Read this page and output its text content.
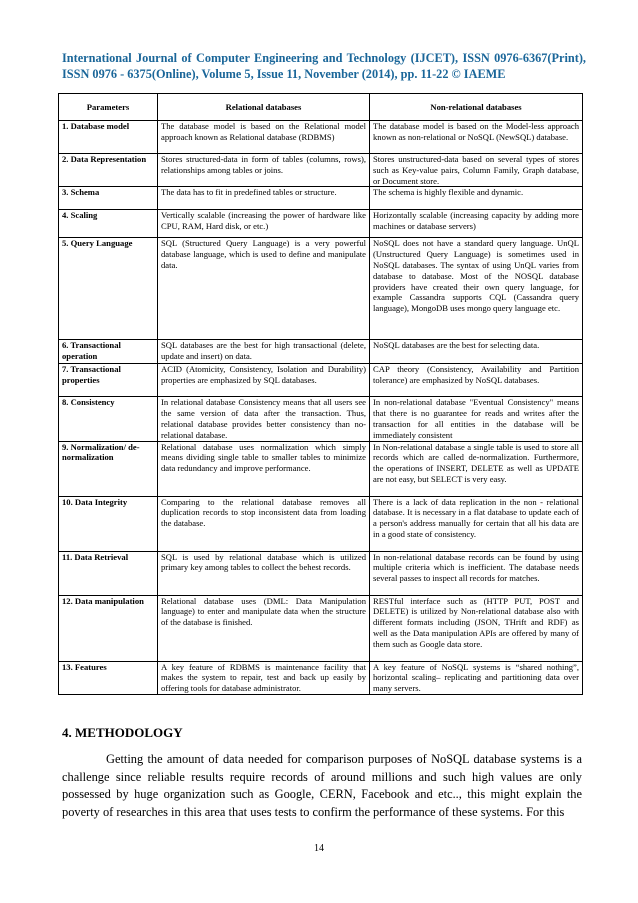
International Journal of Computer Engineering and Technology (IJCET), ISSN 0976-6367(Print), ISSN 0976 - 6375(Online), Volume 5, Issue 11, November (2014), pp. 11-22 © IAEME
Parameters	Relational databases	Non-relational databases
1. Database model	The database model is based on the Relational model approach known as Relational database (RDBMS)	The database model is based on the Model-less approach known as non-relational or NoSQL (NewSQL) database.
2. Data Representation	Stores structured-data in form of tables (columns, rows), relationships among tables or joins.	Stores unstructured-data based on several types of stores such as Key-value pairs, Column Family, Graph database, or Document store.
3. Schema	The data has to fit in predefined tables or structure.	The schema is highly flexible and dynamic.
4. Scaling	Vertically scalable (increasing the power of hardware like CPU, RAM, Hard disk, or etc.)	Horizontally scalable (increasing capacity by adding more machines or database servers)
5. Query Language	SQL (Structured Query Language) is a very powerful database language, which is used to define and manipulate data.	NoSQL does not have a standard query language. UnQL (Unstructured Query Language) is sometimes used in NoSQL databases. The syntax of using UnQL varies from database to database. Most of the NOSQL database providers have created their own query language, for example Cassandra supports CQL (Cassandra query language), MongoDB uses mongo query language etc.
6. Transactional operation	SQL databases are the best for high transactional (delete, update and insert) on data.	NoSQL databases are the best for selecting data.
7. Transactional properties	ACID (Atomicity, Consistency, Isolation and Durability) properties are emphasized by SQL databases.	CAP theory (Consistency, Availability and Partition tolerance) are emphasized by NoSQL databases.
8. Consistency	In relational database Consistency means that all users see the same version of data after the transaction. Thus, relational database provides better consistency than no-relational database.	In non-relational database "Eventual Consistency" means that there is no guarantee for reads and writes after the transaction for all entities in the database will be immediately consistent
9. Normalization/ de-normalization	Relational database uses normalization which simply means dividing single table to smaller tables to minimize data redundancy and improve performance.	In Non-relational database a single table is used to store all records which are called de-normalization. Furthermore, the operations of INSERT, DELETE as well as UPDATE are not easy, but SELECT is very easy.
10. Data Integrity	Comparing to the relational database removes all duplication records to stop inconsistent data from loading the database.	There is a lack of data replication in the non - relational database. It is necessary in a flat database to update each of a person's address manually for certain that all his data are in a good state of consistency.
11. Data Retrieval	SQL is used by relational database which is utilized primary key among tables to collect the behest records.	In non-relational database records can be found by using multiple criteria which is inefficient. The database needs several passes to inspect all records for matches.
12. Data manipulation	Relational database uses (DML: Data Manipulation language) to enter and manipulate data when the structure of the database is finished.	RESTful interface such as (HTTP PUT, POST and DELETE) is utilized by Non-relational database also with different formats including (JSON, THrift and RDF) as well as the Data manipulation APIs are offered by many of them such as Google data store.
13. Features	A key feature of RDBMS is maintenance facility that makes the system to repair, test and back up easily by offering tools for database administrator.	A key feature of NoSQL systems is “shared nothing”, horizontal scaling– replicating and partitioning data over many servers.
4. METHODOLOGY
Getting the amount of data needed for comparison purposes of NoSQL database systems is a challenge since reliable results require records of around millions and such high values are only possessed by huge organization such as Google, CERN, Facebook and etc.., this might explain the poverty of researches in this area that uses tests to confirm the performance of these systems. For this
14
